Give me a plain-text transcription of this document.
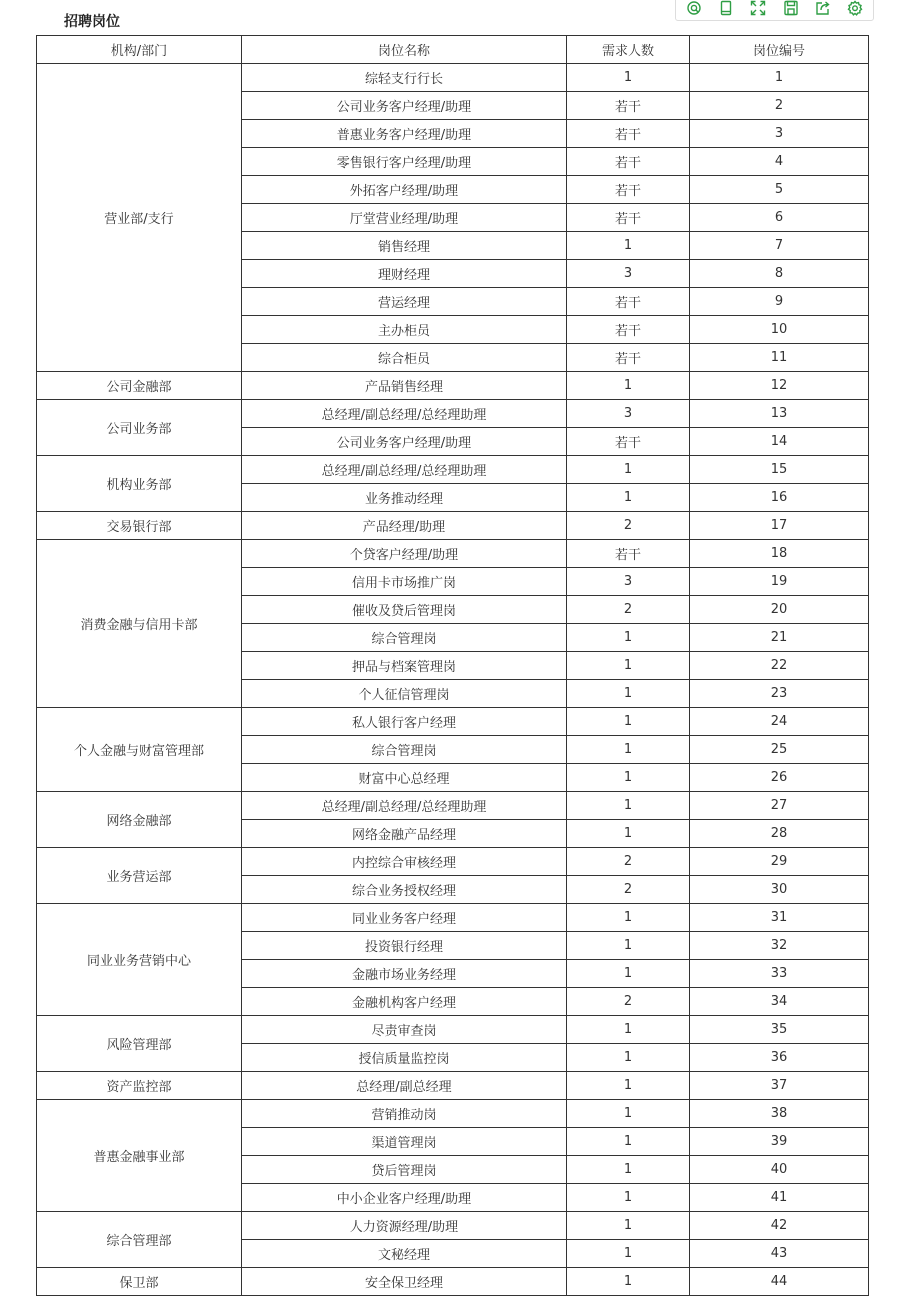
招聘岗位
机构/部门	岗位名称	需求人数	岗位编号
营业部/支行	综轻支行行长	1	1
	公司业务客户经理/助理	若干	2
	普惠业务客户经理/助理	若干	3
	零售银行客户经理/助理	若干	4
	外拓客户经理/助理	若干	5
	厅堂营业经理/助理	若干	6
	销售经理	1	7
	理财经理	3	8
	营运经理	若干	9
	主办柜员	若干	10
	综合柜员	若干	11
公司金融部	产品销售经理	1	12
公司业务部	总经理/副总经理/总经理助理	3	13
	公司业务客户经理/助理	若干	14
机构业务部	总经理/副总经理/总经理助理	1	15
	业务推动经理	1	16
交易银行部	产品经理/助理	2	17
消费金融与信用卡部	个贷客户经理/助理	若干	18
	信用卡市场推广岗	3	19
	催收及贷后管理岗	2	20
	综合管理岗	1	21
	押品与档案管理岗	1	22
	个人征信管理岗	1	23
个人金融与财富管理部	私人银行客户经理	1	24
	综合管理岗	1	25
	财富中心总经理	1	26
网络金融部	总经理/副总经理/总经理助理	1	27
	网络金融产品经理	1	28
业务营运部	内控综合审核经理	2	29
	综合业务授权经理	2	30
同业业务营销中心	同业业务客户经理	1	31
	投资银行经理	1	32
	金融市场业务经理	1	33
	金融机构客户经理	2	34
风险管理部	尽责审查岗	1	35
	授信质量监控岗	1	36
资产监控部	总经理/副总经理	1	37
普惠金融事业部	营销推动岗	1	38
	渠道管理岗	1	39
	贷后管理岗	1	40
	中小企业客户经理/助理	1	41
综合管理部	人力资源经理/助理	1	42
	文秘经理	1	43
保卫部	安全保卫经理	1	44
